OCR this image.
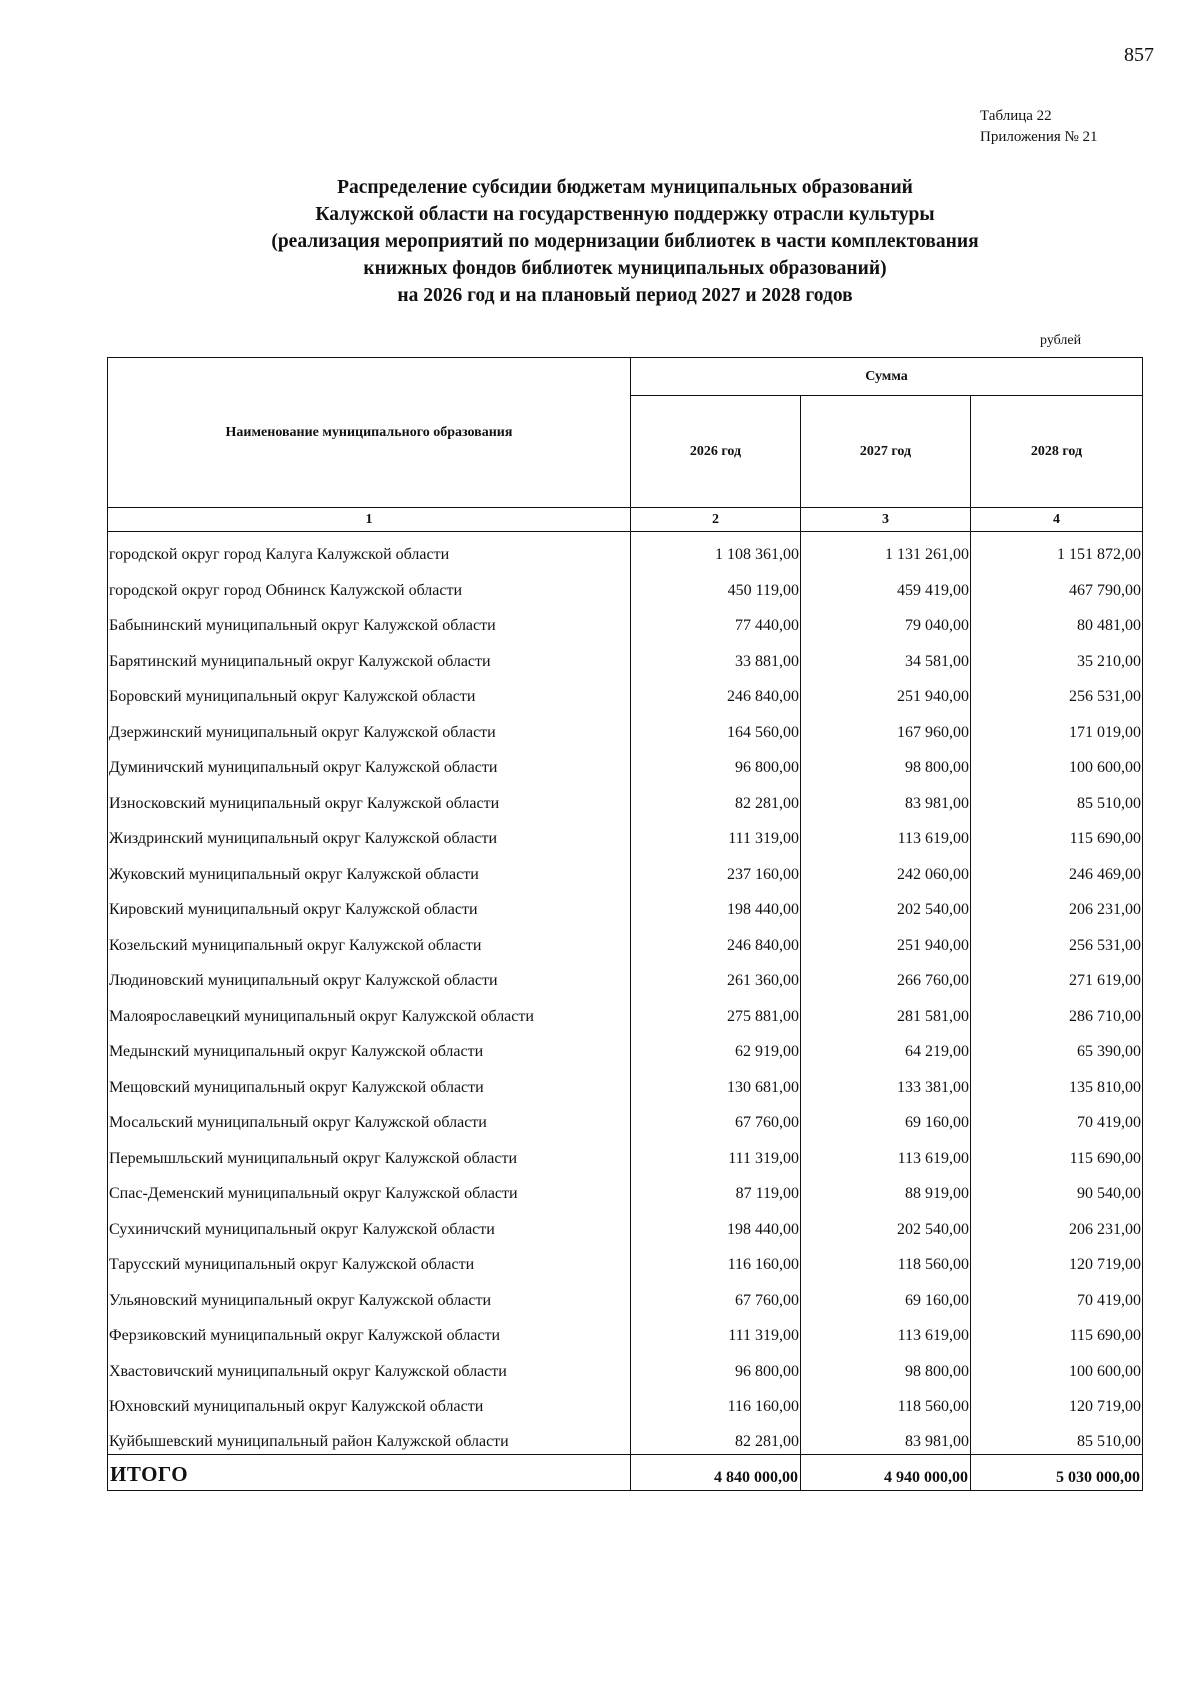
857
Таблица 22
Приложения № 21
Распределение субсидии бюджетам муниципальных образований
Калужской области на государственную поддержку отрасли культуры
(реализация мероприятий по модернизации библиотек в части комплектования
книжных фондов библиотек муниципальных образований)
на 2026 год и на плановый период 2027 и 2028 годов
рублей
Наименование муниципального образования	Сумма		
	2026 год	2027 год	2028 год
1	2	3	4
городской округ город Калуга Калужской области	1 108 361,00	1 131 261,00	1 151 872,00
городской округ город Обнинск Калужской области	450 119,00	459 419,00	467 790,00
Бабынинский муниципальный округ Калужской области	77 440,00	79 040,00	80 481,00
Барятинский муниципальный округ Калужской области	33 881,00	34 581,00	35 210,00
Боровский муниципальный округ Калужской области	246 840,00	251 940,00	256 531,00
Дзержинский муниципальный округ Калужской области	164 560,00	167 960,00	171 019,00
Думиничский муниципальный округ Калужской области	96 800,00	98 800,00	100 600,00
Износковский муниципальный округ Калужской области	82 281,00	83 981,00	85 510,00
Жиздринский муниципальный округ Калужской области	111 319,00	113 619,00	115 690,00
Жуковский муниципальный округ Калужской области	237 160,00	242 060,00	246 469,00
Кировский муниципальный округ Калужской области	198 440,00	202 540,00	206 231,00
Козельский муниципальный округ Калужской области	246 840,00	251 940,00	256 531,00
Людиновский муниципальный округ Калужской области	261 360,00	266 760,00	271 619,00
Малоярославецкий муниципальный округ Калужской области	275 881,00	281 581,00	286 710,00
Медынский муниципальный округ Калужской области	62 919,00	64 219,00	65 390,00
Мещовский муниципальный округ Калужской области	130 681,00	133 381,00	135 810,00
Мосальский муниципальный округ Калужской области	67 760,00	69 160,00	70 419,00
Перемышльский муниципальный округ Калужской области	111 319,00	113 619,00	115 690,00
Спас-Деменский муниципальный округ Калужской области	87 119,00	88 919,00	90 540,00
Сухиничский муниципальный округ Калужской области	198 440,00	202 540,00	206 231,00
Тарусский муниципальный округ Калужской области	116 160,00	118 560,00	120 719,00
Ульяновский муниципальный округ Калужской области	67 760,00	69 160,00	70 419,00
Ферзиковский муниципальный округ Калужской области	111 319,00	113 619,00	115 690,00
Хвастовичский муниципальный округ Калужской области	96 800,00	98 800,00	100 600,00
Юхновский муниципальный округ Калужской области	116 160,00	118 560,00	120 719,00
Куйбышевский муниципальный район Калужской области	82 281,00	83 981,00	85 510,00
ИТОГО	4 840 000,00	4 940 000,00	5 030 000,00
